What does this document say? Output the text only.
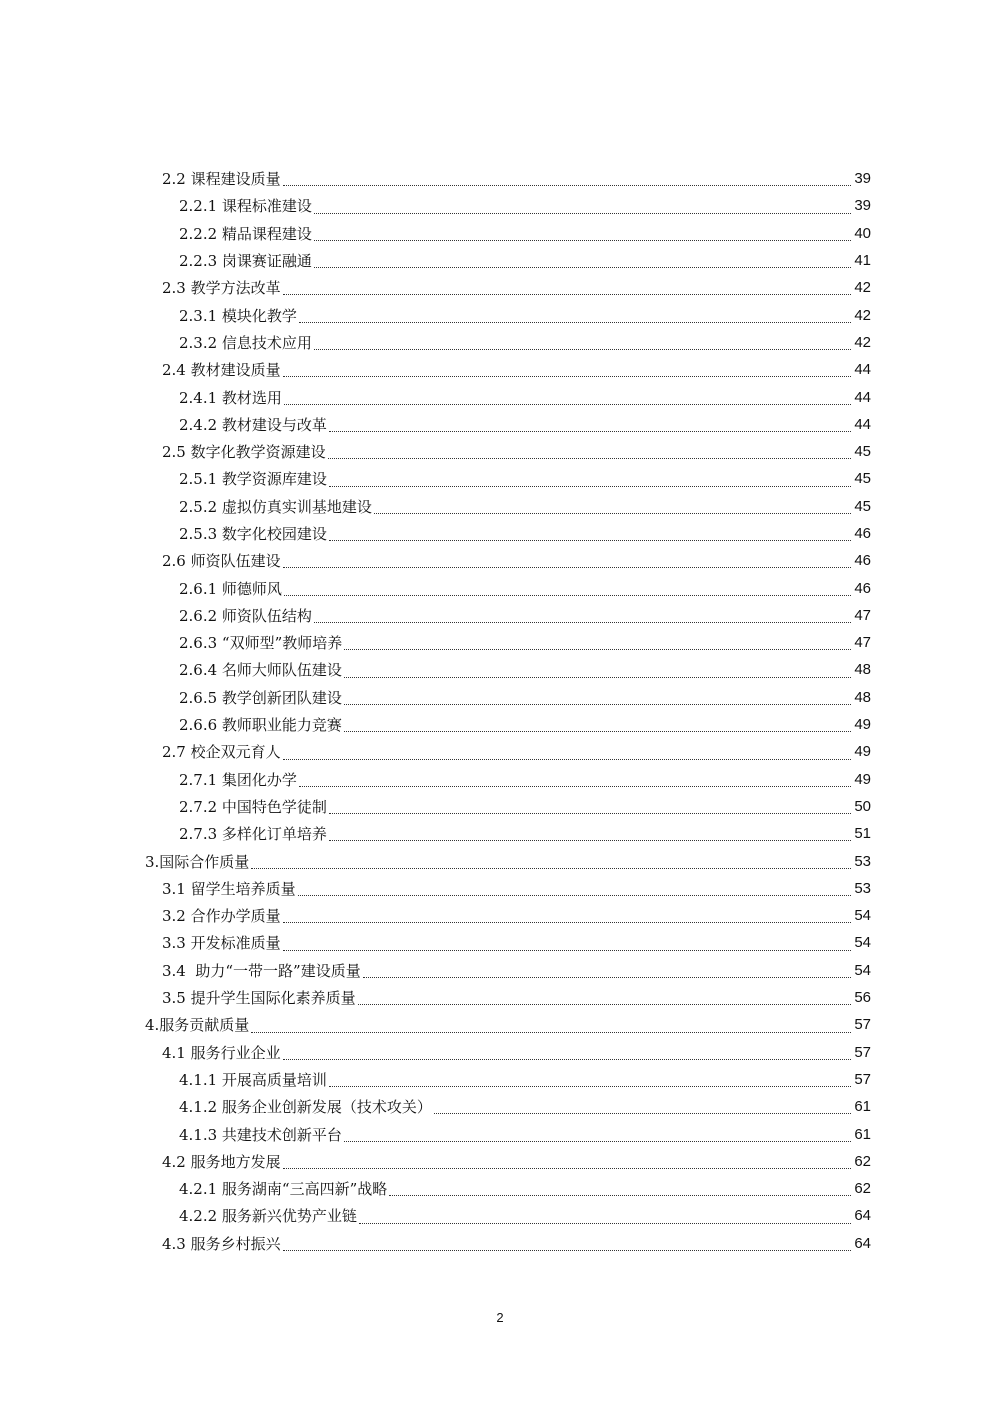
2.2 课程建设质量	39
2.2.1 课程标准建设	39
2.2.2 精品课程建设	40
2.2.3 岗课赛证融通	41
2.3 教学方法改革	42
2.3.1 模块化教学	42
2.3.2 信息技术应用	42
2.4 教材建设质量	44
2.4.1 教材选用	44
2.4.2 教材建设与改革	44
2.5 数字化教学资源建设	45
2.5.1 教学资源库建设	45
2.5.2 虚拟仿真实训基地建设	45
2.5.3 数字化校园建设	46
2.6 师资队伍建设	46
2.6.1 师德师风	46
2.6.2 师资队伍结构	47
2.6.3 “双师型”教师培养	47
2.6.4 名师大师队伍建设	48
2.6.5 教学创新团队建设	48
2.6.6 教师职业能力竞赛	49
2.7 校企双元育人	49
2.7.1 集团化办学	49
2.7.2 中国特色学徒制	50
2.7.3 多样化订单培养	51
3.国际合作质量	53
3.1 留学生培养质量	53
3.2 合作办学质量	54
3.3 开发标准质量	54
3.4  助力“一带一路”建设质量	54
3.5 提升学生国际化素养质量	56
4.服务贡献质量	57
4.1 服务行业企业	57
4.1.1 开展高质量培训	57
4.1.2 服务企业创新发展（技术攻关）	61
4.1.3 共建技术创新平台	61
4.2 服务地方发展	62
4.2.1 服务湖南“三高四新”战略	62
4.2.2 服务新兴优势产业链	64
4.3 服务乡村振兴	64
2
